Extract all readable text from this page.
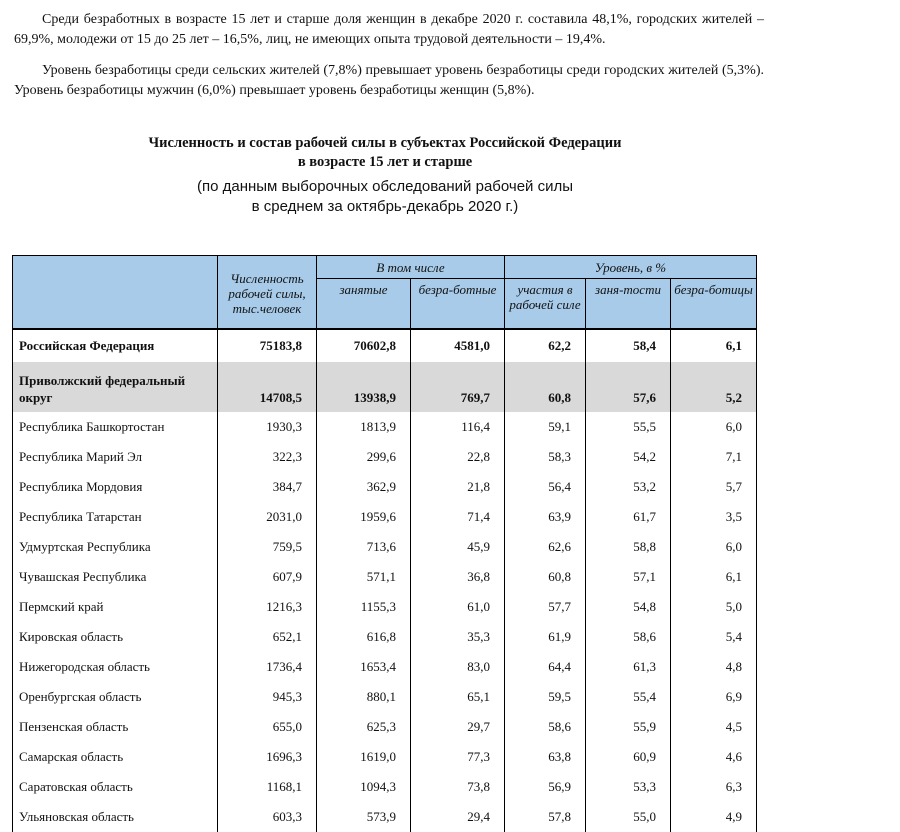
Среди безработных в возрасте 15 лет и старше доля женщин в декабре 2020 г. составила 48,1%, городских жителей – 69,9%, молодежи от 15 до 25 лет – 16,5%, лиц, не имеющих опыта трудовой деятельности – 19,4%.

Уровень безработицы среди сельских жителей (7,8%) превышает уровень безработицы среди городских жителей (5,3%). Уровень безработицы мужчин (6,0%) превышает уровень безработицы женщин (5,8%).

Численность и состав рабочей силы в субъектах Российской Федерации
в возрасте 15 лет и старше

(по данным выборочных обследований рабочей силы
в среднем за октябрь-декабрь 2020 г.)

	Численность рабочей силы, тыс.человек	В том числе		Уровень, в %		
		занятые	безра-ботные	участия в рабочей силе	заня-тости	безра-ботицы
Российская Федерация	75183,8	70602,8	4581,0	62,2	58,4	6,1
Приволжский федеральный округ	14708,5	13938,9	769,7	60,8	57,6	5,2
Республика Башкортостан	1930,3	1813,9	116,4	59,1	55,5	6,0
Республика Марий Эл	322,3	299,6	22,8	58,3	54,2	7,1
Республика Мордовия	384,7	362,9	21,8	56,4	53,2	5,7
Республика Татарстан	2031,0	1959,6	71,4	63,9	61,7	3,5
Удмуртская Республика	759,5	713,6	45,9	62,6	58,8	6,0
Чувашская Республика	607,9	571,1	36,8	60,8	57,1	6,1
Пермский край	1216,3	1155,3	61,0	57,7	54,8	5,0
Кировская область	652,1	616,8	35,3	61,9	58,6	5,4
Нижегородская область	1736,4	1653,4	83,0	64,4	61,3	4,8
Оренбургская область	945,3	880,1	65,1	59,5	55,4	6,9
Пензенская область	655,0	625,3	29,7	58,6	55,9	4,5
Самарская область	1696,3	1619,0	77,3	63,8	60,9	4,6
Саратовская область	1168,1	1094,3	73,8	56,9	53,3	6,3
Ульяновская область	603,3	573,9	29,4	57,8	55,0	4,9
